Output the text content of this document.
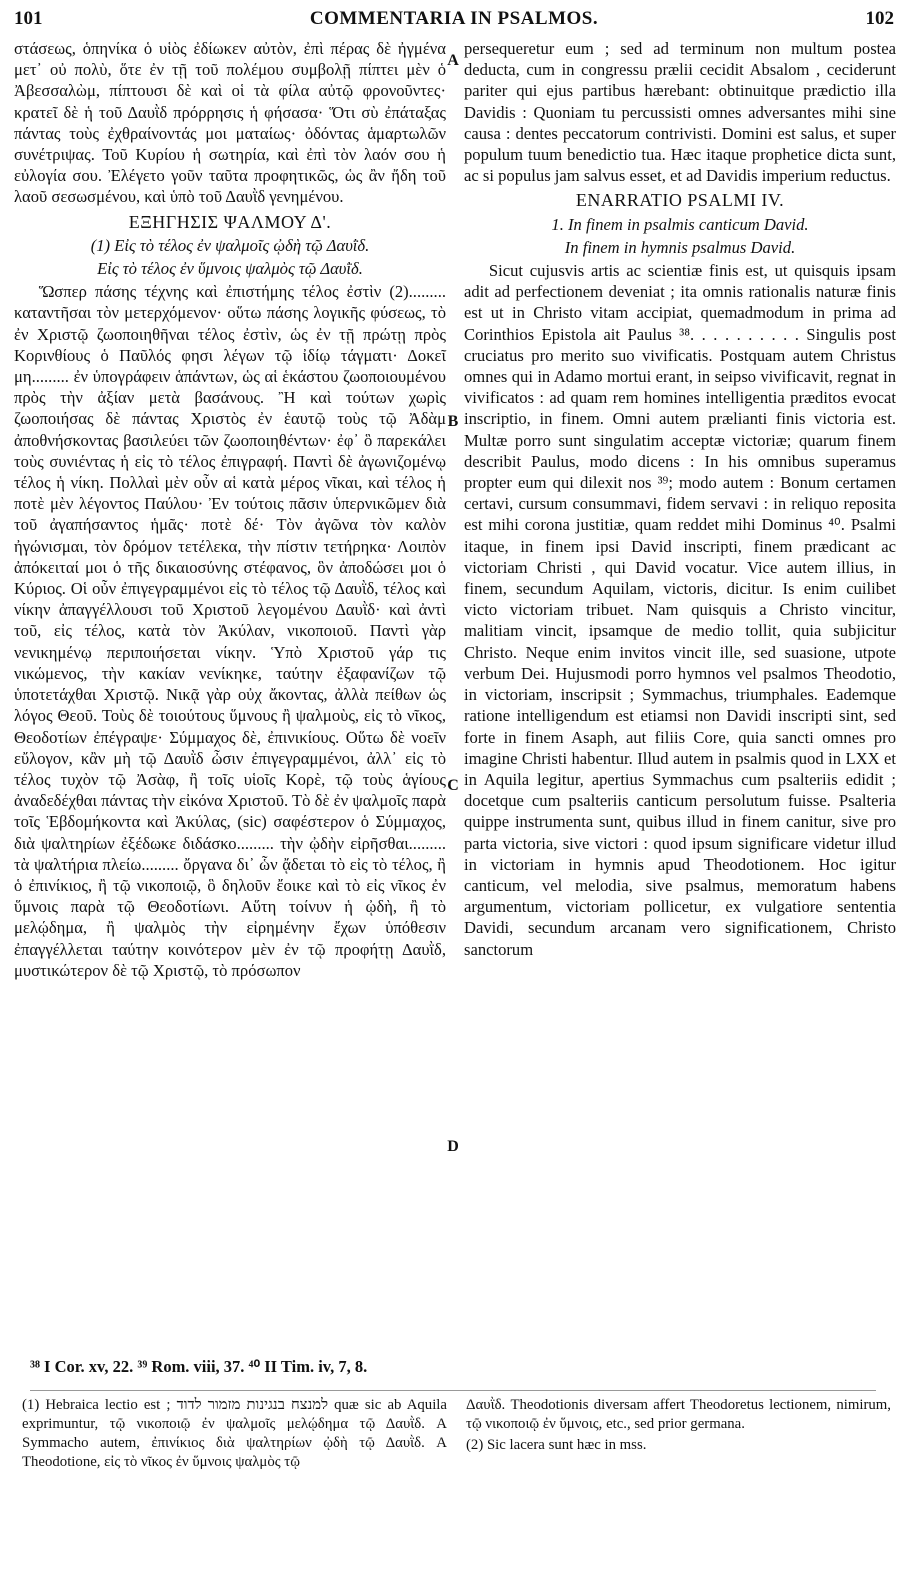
101	COMMENTARIA IN PSALMOS.	102

στάσεως, ὁπηνίκα ὁ υἱὸς ἐδίωκεν αὐτὸν, ἐπὶ πέρας δὲ ἠγμένα μετ᾽ οὐ πολὺ, ὅτε ἐν τῇ τοῦ πολέμου συμβολῇ πίπτει μὲν ὁ Ἀβεσσαλὼμ, πίπτουσι δὲ καὶ οἱ τὰ φίλα αὐτῷ φρονοῦντες· κρατεῖ δὲ ἡ τοῦ Δαυῒδ πρόρρησις ἡ φήσασα· Ὅτι σὺ ἐπάταξας πάντας τοὺς ἐχθραίνοντάς μοι ματαίως· ὀδόντας ἁμαρτωλῶν συνέτριψας. Τοῦ Κυρίου ἡ σωτηρία, καὶ ἐπὶ τὸν λαόν σου ἡ εὐλογία σου. Ἐλέγετο γοῦν ταῦτα προφητικῶς, ὡς ἂν ἤδη τοῦ λαοῦ σεσωσμένου, καὶ ὑπὸ τοῦ Δαυῒδ γενημένου.

ΕΞΗΓΗΣΙΣ ΨΑΛΜΟΥ Δ'.
(1) Εἰς τὸ τέλος ἐν ψαλμοῖς ᾠδὴ τῷ Δαυῒδ.
Εἰς τὸ τέλος ἐν ὕμνοις ψαλμὸς τῷ Δαυῒδ.

Ὥσπερ πάσης τέχνης καὶ ἐπιστήμης τέλος ἐστὶν (2)......... καταντῆσαι τὸν μετερχόμενον· οὕτω πάσης λογικῆς φύσεως, τὸ ἐν Χριστῷ ζωοποιηθῆναι τέλος ἐστὶν, ὡς ἐν τῇ πρώτῃ πρὸς Κορινθίους ὁ Παῦλός φησι λέγων τῷ ἰδίῳ τάγματι· Δοκεῖ μη......... ἐν ὑπογράφειν ἁπάντων, ὡς αἱ ἑκάστου ζωοποιουμένου πρὸς τὴν ἀξίαν μετὰ βασάνους. Ἢ καὶ τούτων χωρὶς ζωοποιήσας δὲ πάντας Χριστὸς ἐν ἑαυτῷ τοὺς τῷ Ἀδὰμ ἀποθνήσκοντας βασιλεύει τῶν ζωοποιηθέντων· ἐφ᾽ ὃ παρεκάλει τοὺς συνιέντας ἡ εἰς τὸ τέλος ἐπιγραφή. Παντὶ δὲ ἀγωνιζομένῳ τέλος ἡ νίκη. Πολλαὶ μὲν οὖν αἱ κατὰ μέρος νῖκαι, καὶ τέλος ἡ ποτὲ μὲν λέγοντος Παύλου· Ἐν τούτοις πᾶσιν ὑπερνικῶμεν διὰ τοῦ ἀγαπήσαντος ἡμᾶς· ποτὲ δέ· Τὸν ἀγῶνα τὸν καλὸν ἠγώνισμαι, τὸν δρόμον τετέλεκα, τὴν πίστιν τετήρηκα· Λοιπὸν ἀπόκειταί μοι ὁ τῆς δικαιοσύνης στέφανος, ὃν ἀποδώσει μοι ὁ Κύριος. Οἱ οὖν ἐπιγεγραμμένοι εἰς τὸ τέλος τῷ Δαυῒδ, τέλος καὶ νίκην ἀπαγγέλλουσι τοῦ Χριστοῦ λεγομένου Δαυῒδ· καὶ ἀντὶ τοῦ, εἰς τέλος, κατὰ τὸν Ἀκύλαν, νικοποιοῦ. Παντὶ γὰρ νενικημένῳ περιποιήσεται νίκην. Ὑπὸ Χριστοῦ γάρ τις νικώμενος, τὴν κακίαν νενίκηκε, ταύτην ἐξαφανίζων τῷ ὑποτετάχθαι Χριστῷ. Νικᾷ γὰρ οὐχ ἄκοντας, ἀλλὰ πείθων ὡς λόγος Θεοῦ. Τοὺς δὲ τοιούτους ὕμνους ἢ ψαλμοὺς, εἰς τὸ νῖκος, Θεοδοτίων ἐπέγραψε· Σύμμαχος δὲ, ἐπινικίους. Οὕτω δὲ νοεῖν εὔλογον, κἂν μὴ τῷ Δαυῒδ ὦσιν ἐπιγεγραμμένοι, ἀλλ᾽ εἰς τὸ τέλος τυχὸν τῷ Ἀσὰφ, ἢ τοῖς υἱοῖς Κορὲ, τῷ τοὺς ἁγίους ἀναδεδέχθαι πάντας τὴν εἰκόνα Χριστοῦ. Τὸ δὲ ἐν ψαλμοῖς παρὰ τοῖς Ἑβδομήκοντα καὶ Ἀκύλας, (sic) σαφέστερον ὁ Σύμμαχος, διὰ ψαλτηρίων ἐξέδωκε διδάσκο......... τὴν ᾠδὴν εἰρῆσθαι......... τὰ ψαλτήρια πλείω......... ὄργανα δι᾽ ὧν ᾄδεται τὸ εἰς τὸ τέλος, ἢ ὁ ἐπινίκιος, ἢ τῷ νικοποιῷ, ὃ δηλοῦν ἔοικε καὶ τὸ εἰς νῖκος ἐν ὕμνοις παρὰ τῷ Θεοδοτίωνι. Αὕτη τοίνυν ἡ ᾠδὴ, ἢ τὸ μελῴδημα, ἢ ψαλμὸς τὴν εἰρημένην ἔχων ὑπόθεσιν ἐπαγγέλλεται ταύτην κοινότερον μὲν ἐν τῷ προφήτῃ Δαυῒδ, μυστικώτερον δὲ τῷ Χριστῷ, τὸ πρόσωπον

A
B
C
D

persequeretur eum ; sed ad terminum non multum postea deducta, cum in congressu prælii cecidit Absalom , ceciderunt pariter qui ejus partibus hærebant: obtinuitque prædictio illa Davidis : Quoniam tu percussisti omnes adversantes mihi sine causa : dentes peccatorum contrivisti. Domini est salus, et super populum tuum benedictio tua. Hæc itaque prophetice dicta sunt, ac si populus jam salvus esset, et ad Davidis imperium reductus.

ENARRATIO PSALMI IV.
1. In finem in psalmis canticum David.
In finem in hymnis psalmus David.

Sicut cujusvis artis ac scientiæ finis est, ut quisquis ipsam adit ad perfectionem deveniat ; ita omnis rationalis naturæ finis est ut in Christo vitam accipiat, quemadmodum in prima ad Corinthios Epistola ait Paulus ³⁸. . . . . . . . . . Singulis post cruciatus pro merito suo vivificatis. Postquam autem Christus omnes qui in Adamo mortui erant, in seipso vivificavit, regnat in vivificatos : ad quam rem homines intelligentia præditos evocat inscriptio, in finem. Omni autem prælianti finis victoria est. Multæ porro sunt singulatim acceptæ victoriæ; quarum finem describit Paulus, modo dicens : In his omnibus superamus propter eum qui dilexit nos ³⁹; modo autem : Bonum certamen certavi, cursum consummavi, fidem servavi : in reliquo reposita est mihi corona justitiæ, quam reddet mihi Dominus ⁴⁰. Psalmi itaque, in finem ipsi David inscripti, finem prædicant ac victoriam Christi , qui David vocatur. Vice autem illius, in finem, secundum Aquilam, victoris, dicitur. Is enim cuilibet victo victoriam tribuet. Nam quisquis a Christo vincitur, malitiam vincit, ipsamque de medio tollit, quia subjicitur Christo. Neque enim invitos vincit ille, sed suasione, utpote verbum Dei. Hujusmodi porro hymnos vel psalmos Theodotio, in victoriam, inscripsit ; Symmachus, triumphales. Eademque ratione intelligendum est etiamsi non Davidi inscripti sint, sed forte in finem Asaph, aut filiis Core, quia sancti omnes pro imagine Christi habentur. Illud autem in psalmis quod in LXX et in Aquila legitur, apertius Symmachus cum psalteriis edidit ; docetque cum psalteriis canticum persolutum fuisse. Psalteria quippe instrumenta sunt, quibus illud in finem canitur, sive pro parta victoria, sive victori : quod ipsum significare videtur illud in victoriam in hymnis apud Theodotionem. Hoc igitur canticum, vel melodia, sive psalmus, memoratum habens argumentum, victoriam pollicetur, ex vulgatiore sententia Davidi, secundum arcanam vero significationem, Christo sanctorum

³⁸ I Cor. xv, 22. ³⁹ Rom. viii, 37. ⁴⁰ II Tim. iv, 7, 8.

(1) Hebraica lectio est ; למנצח בנגינות מזמור לדוד quæ sic ab Aquila exprimuntur, τῷ νικοποιῷ ἐν ψαλμοῖς μελῴδημα τῷ Δαυῒδ. A Symmacho autem, ἐπινίκιος διὰ ψαλτηρίων ᾠδὴ τῷ Δαυῒδ. A Theodotione, εἰς τὸ νῖκος ἐν ὕμνοις ψαλμὸς τῷ

Δαυῒδ. Theodotionis diversam affert Theodoretus lectionem, nimirum, τῷ νικοποιῷ ἐν ὕμνοις, etc., sed prior germana.

(2) Sic lacera sunt hæc in mss.
